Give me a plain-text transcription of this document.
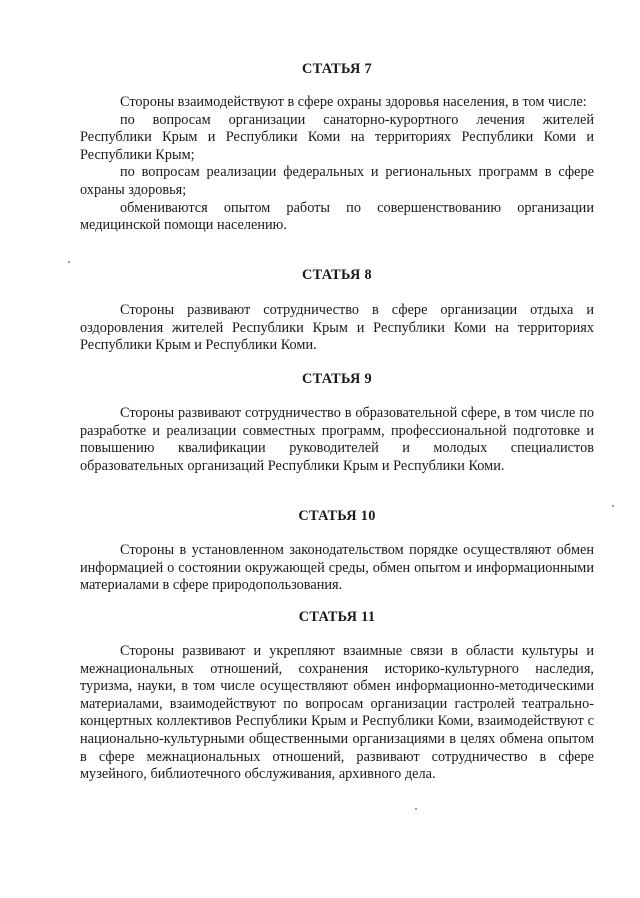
СТАТЬЯ 7

Стороны взаимодействуют в сфере охраны здоровья населения, в том числе:

по вопросам организации санаторно-курортного лечения жителей Республики Крым и Республики Коми на территориях Республики Коми и Республики Крым;

по вопросам реализации федеральных и региональных программ в сфере охраны здоровья;

обмениваются опытом работы по совершенствованию организации медицинской помощи населению.

СТАТЬЯ 8

Стороны развивают сотрудничество в сфере организации отдыха и оздоровления жителей Республики Крым и Республики Коми на территориях Республики Крым и Республики Коми.

СТАТЬЯ 9

Стороны развивают сотрудничество в образовательной сфере, в том числе по разработке и реализации совместных программ, профессиональной подготовке и повышению квалификации руководителей и молодых специалистов образовательных организаций Республики Крым и Республики Коми.

СТАТЬЯ 10

Стороны в установленном законодательством порядке осуществляют обмен информацией о состоянии окружающей среды, обмен опытом и информационными материалами в сфере природопользования.

СТАТЬЯ 11

Стороны развивают и укрепляют взаимные связи в области культуры и межнациональных отношений, сохранения историко-культурного наследия, туризма, науки, в том числе осуществляют обмен информационно-методическими материалами, взаимодействуют по вопросам организации гастролей театрально-концертных коллективов Республики Крым и Республики Коми, взаимодействуют с национально-культурными общественными организациями в целях обмена опытом в сфере межнациональных отношений, развивают сотрудничество в сфере музейного, библиотечного обслуживания, архивного дела.
